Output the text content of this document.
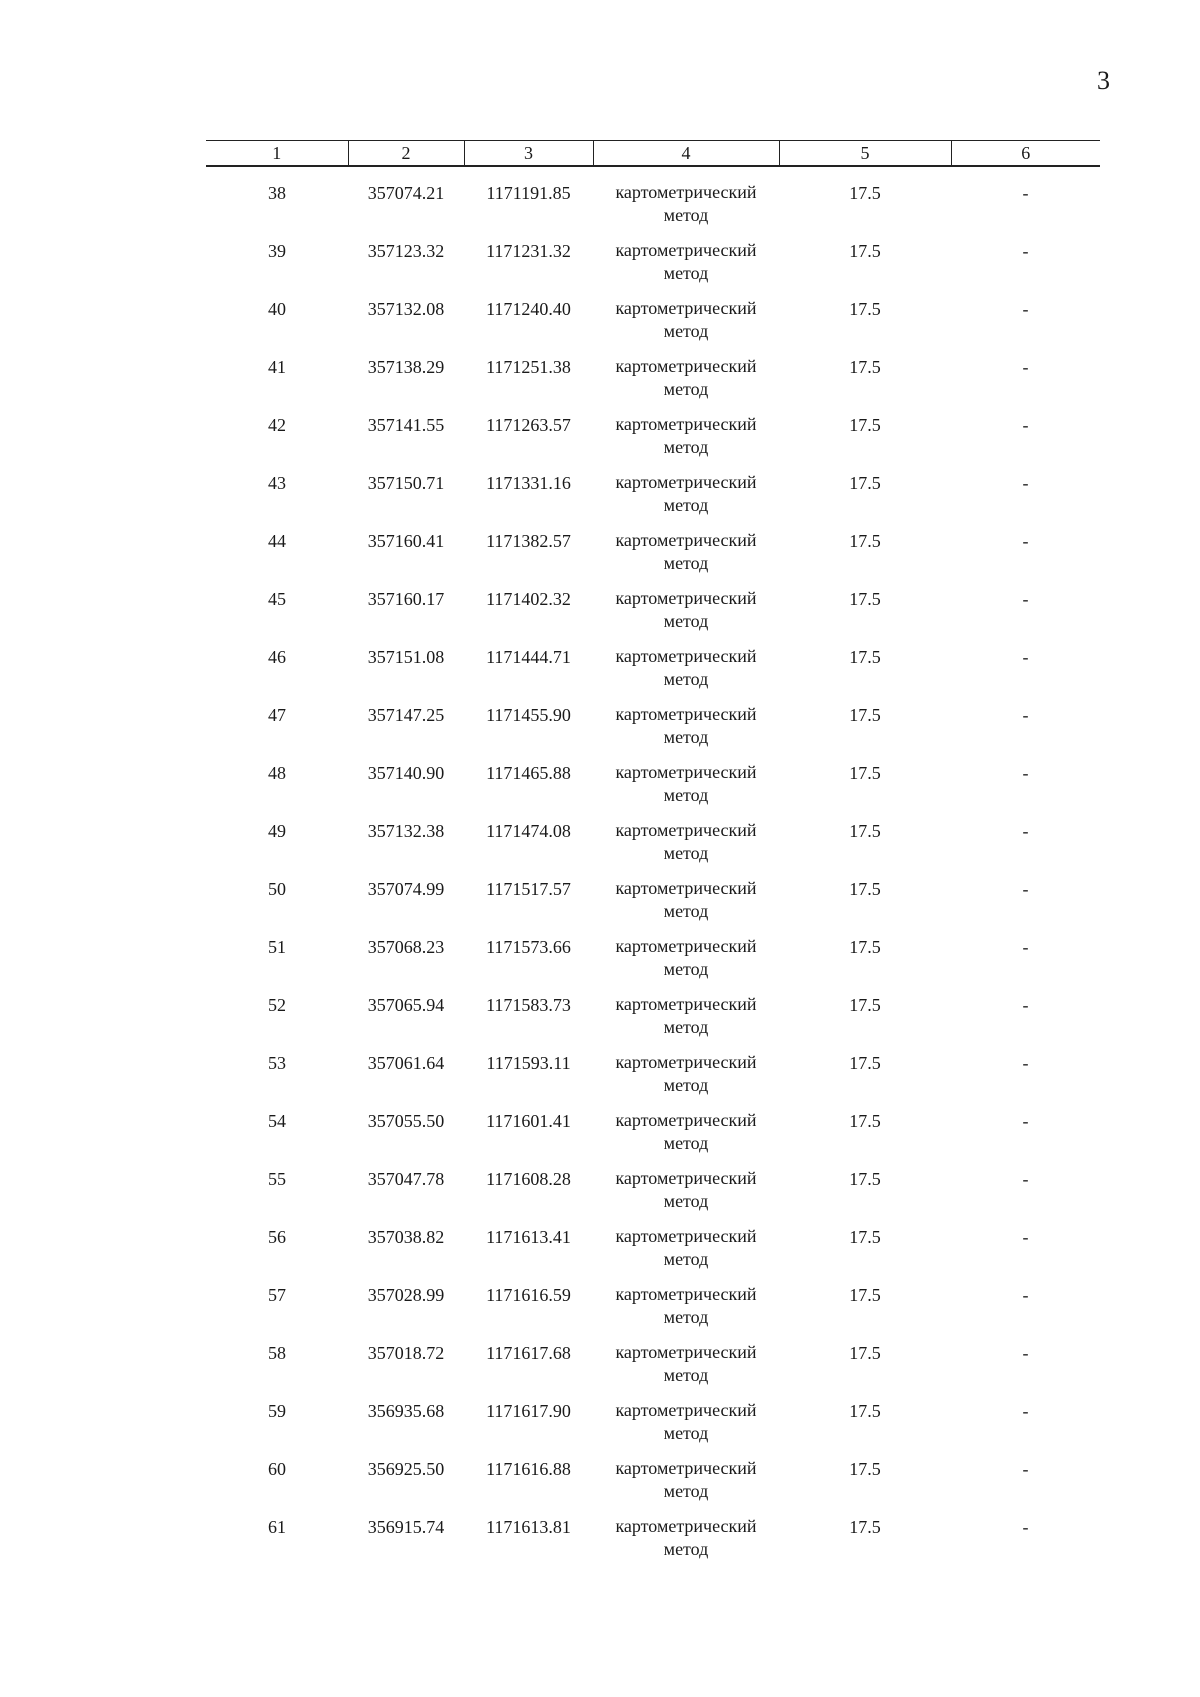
3
1	2	3	4	5	6
38	357074.21	1171191.85	картометрический метод	17.5	-
39	357123.32	1171231.32	картометрический метод	17.5	-
40	357132.08	1171240.40	картометрический метод	17.5	-
41	357138.29	1171251.38	картометрический метод	17.5	-
42	357141.55	1171263.57	картометрический метод	17.5	-
43	357150.71	1171331.16	картометрический метод	17.5	-
44	357160.41	1171382.57	картометрический метод	17.5	-
45	357160.17	1171402.32	картометрический метод	17.5	-
46	357151.08	1171444.71	картометрический метод	17.5	-
47	357147.25	1171455.90	картометрический метод	17.5	-
48	357140.90	1171465.88	картометрический метод	17.5	-
49	357132.38	1171474.08	картометрический метод	17.5	-
50	357074.99	1171517.57	картометрический метод	17.5	-
51	357068.23	1171573.66	картометрический метод	17.5	-
52	357065.94	1171583.73	картометрический метод	17.5	-
53	357061.64	1171593.11	картометрический метод	17.5	-
54	357055.50	1171601.41	картометрический метод	17.5	-
55	357047.78	1171608.28	картометрический метод	17.5	-
56	357038.82	1171613.41	картометрический метод	17.5	-
57	357028.99	1171616.59	картометрический метод	17.5	-
58	357018.72	1171617.68	картометрический метод	17.5	-
59	356935.68	1171617.90	картометрический метод	17.5	-
60	356925.50	1171616.88	картометрический метод	17.5	-
61	356915.74	1171613.81	картометрический метод	17.5	-
